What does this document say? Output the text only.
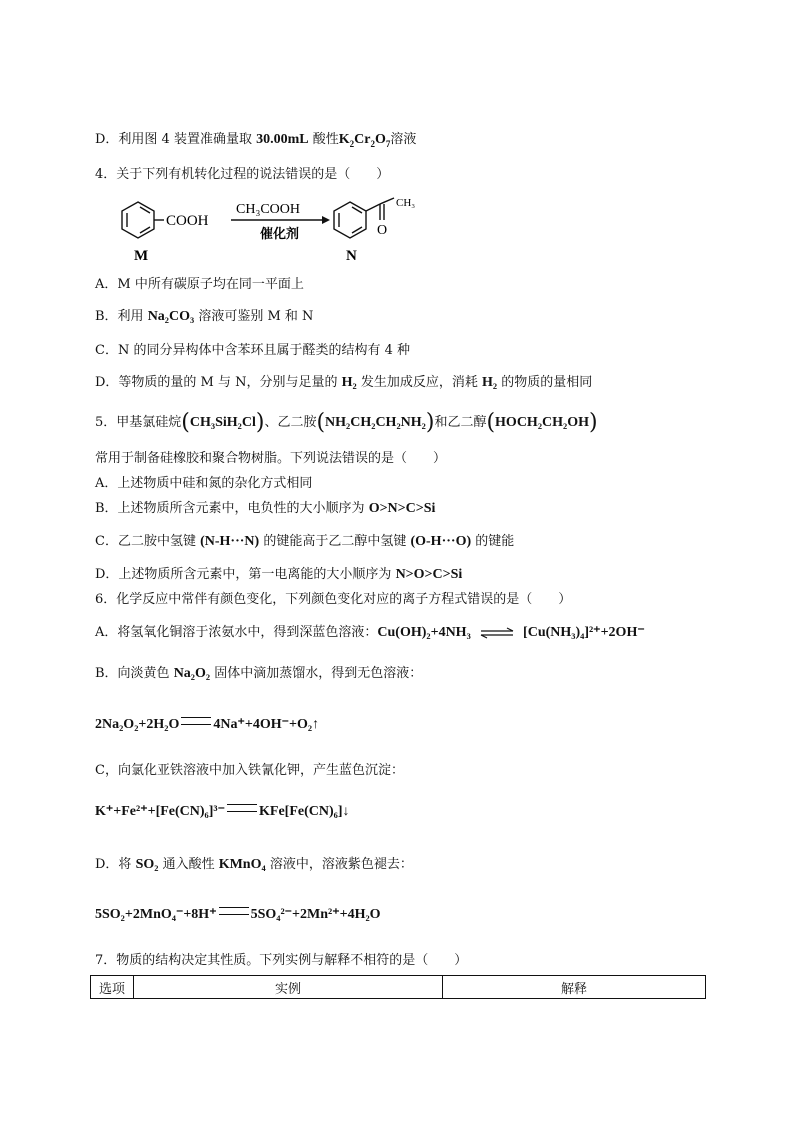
D．利用图 4 装置准确量取 30.00mL 酸性$K_2Cr_2O_7$溶液
4．关于下列有机转化过程的说法错误的是（　　）
COOH
M
CH₃COOH
催化剂
CH₃
O
N
A．M 中所有碳原子均在同一平面上
B．利用 Na₂CO₃ 溶液可鉴别 M 和 N
C．N 的同分异构体中含苯环且属于醛类的结构有 4 种
D．等物质的量的 M 与 N，分别与足量的 H₂ 发生加成反应，消耗 H₂ 的物质的量相同
5．甲基氯硅烷(CH₃SiH₂Cl)、乙二胺(NH₂CH₂CH₂NH₂)和乙二醇(HOCH₂CH₂OH)
常用于制备硅橡胶和聚合物树脂。下列说法错误的是（　　）
A．上述物质中硅和氮的杂化方式相同
B．上述物质所含元素中，电负性的大小顺序为 O>N>C>Si
C．乙二胺中氢键 (N-H···N) 的键能高于乙二醇中氢键 (O-H···O) 的键能
D．上述物质所含元素中，第一电离能的大小顺序为 N>O>C>Si
6．化学反应中常伴有颜色变化，下列颜色变化对应的离子方程式错误的是（　　）
A．将氢氧化铜溶于浓氨水中，得到深蓝色溶液：Cu(OH)₂+4NH₃ ⇌ [Cu(NH₃)₄]²⁺+2OH⁻
B．向淡黄色 Na₂O₂ 固体中滴加蒸馏水，得到无色溶液：
2Na₂O₂+2H₂O 4Na⁺+4OH⁻+O₂↑
C，向氯化亚铁溶液中加入铁氰化钾，产生蓝色沉淀：
K⁺+Fe²⁺+[Fe(CN)₆]³⁻ KFe[Fe(CN)₆]↓
D．将 SO₂ 通入酸性 KMnO₄ 溶液中，溶液紫色褪去：
5SO₂+2MnO₄⁻+8H⁺ 5SO₄²⁻+2Mn²⁺+4H₂O
7．物质的结构决定其性质。下列实例与解释不相符的是（　　）
选项	实例	解释
